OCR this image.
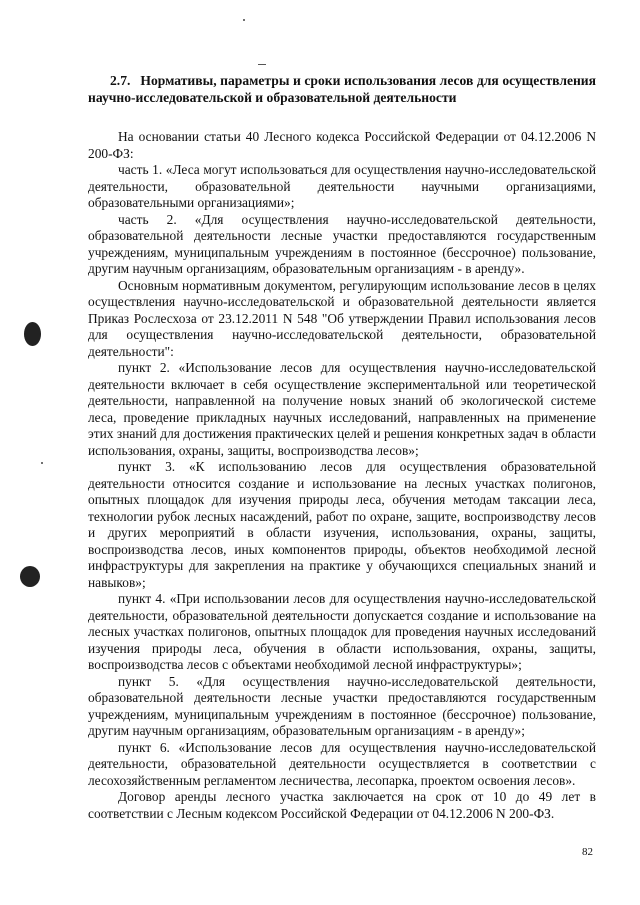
2.7. Нормативы, параметры и сроки использования лесов для осуществления научно-исследовательской и образовательной деятельности

На основании статьи 40 Лесного кодекса Российской Федерации от 04.12.2006 N 200-ФЗ:

часть 1. «Леса могут использоваться для осуществления научно-исследовательской деятельности, образовательной деятельности научными организациями, образовательными организациями»;

часть 2. «Для осуществления научно-исследовательской деятельности, образовательной деятельности лесные участки предоставляются государственным учреждениям, муниципальным учреждениям в постоянное (бессрочное) пользование, другим научным организациям, образовательным организациям - в аренду».

Основным нормативным документом, регулирующим использование лесов в целях осуществления научно-исследовательской и образовательной деятельности является Приказ Рослесхоза от 23.12.2011 N 548 "Об утверждении Правил использования лесов для осуществления научно-исследовательской деятельности, образовательной деятельности":

пункт 2. «Использование лесов для осуществления научно-исследовательской деятельности включает в себя осуществление экспериментальной или теоретической деятельности, направленной на получение новых знаний об экологической системе леса, проведение прикладных научных исследований, направленных на применение этих знаний для достижения практических целей и решения конкретных задач в области использования, охраны, защиты, воспроизводства лесов»;

пункт 3. «К использованию лесов для осуществления образовательной деятельности относится создание и использование на лесных участках полигонов, опытных площадок для изучения природы леса, обучения методам таксации леса, технологии рубок лесных насаждений, работ по охране, защите, воспроизводству лесов и других мероприятий в области изучения, использования, охраны, защиты, воспроизводства лесов, иных компонентов природы, объектов необходимой лесной инфраструктуры для закрепления на практике у обучающихся специальных знаний и навыков»;

пункт 4. «При использовании лесов для осуществления научно-исследовательской деятельности, образовательной деятельности допускается создание и использование на лесных участках полигонов, опытных площадок для проведения научных исследований изучения природы леса, обучения в области использования, охраны, защиты, воспроизводства лесов с объектами необходимой лесной инфраструктуры»;

пункт 5. «Для осуществления научно-исследовательской деятельности, образовательной деятельности лесные участки предоставляются государственным учреждениям, муниципальным учреждениям в постоянное (бессрочное) пользование, другим научным организациям, образовательным организациям - в аренду»;

пункт 6. «Использование лесов для осуществления научно-исследовательской деятельности, образовательной деятельности осуществляется в соответствии с лесохозяйственным регламентом лесничества, лесопарка, проектом освоения лесов».

Договор аренды лесного участка заключается на срок от 10 до 49 лет в соответствии с Лесным кодексом Российской Федерации от 04.12.2006 N 200-ФЗ.

82
